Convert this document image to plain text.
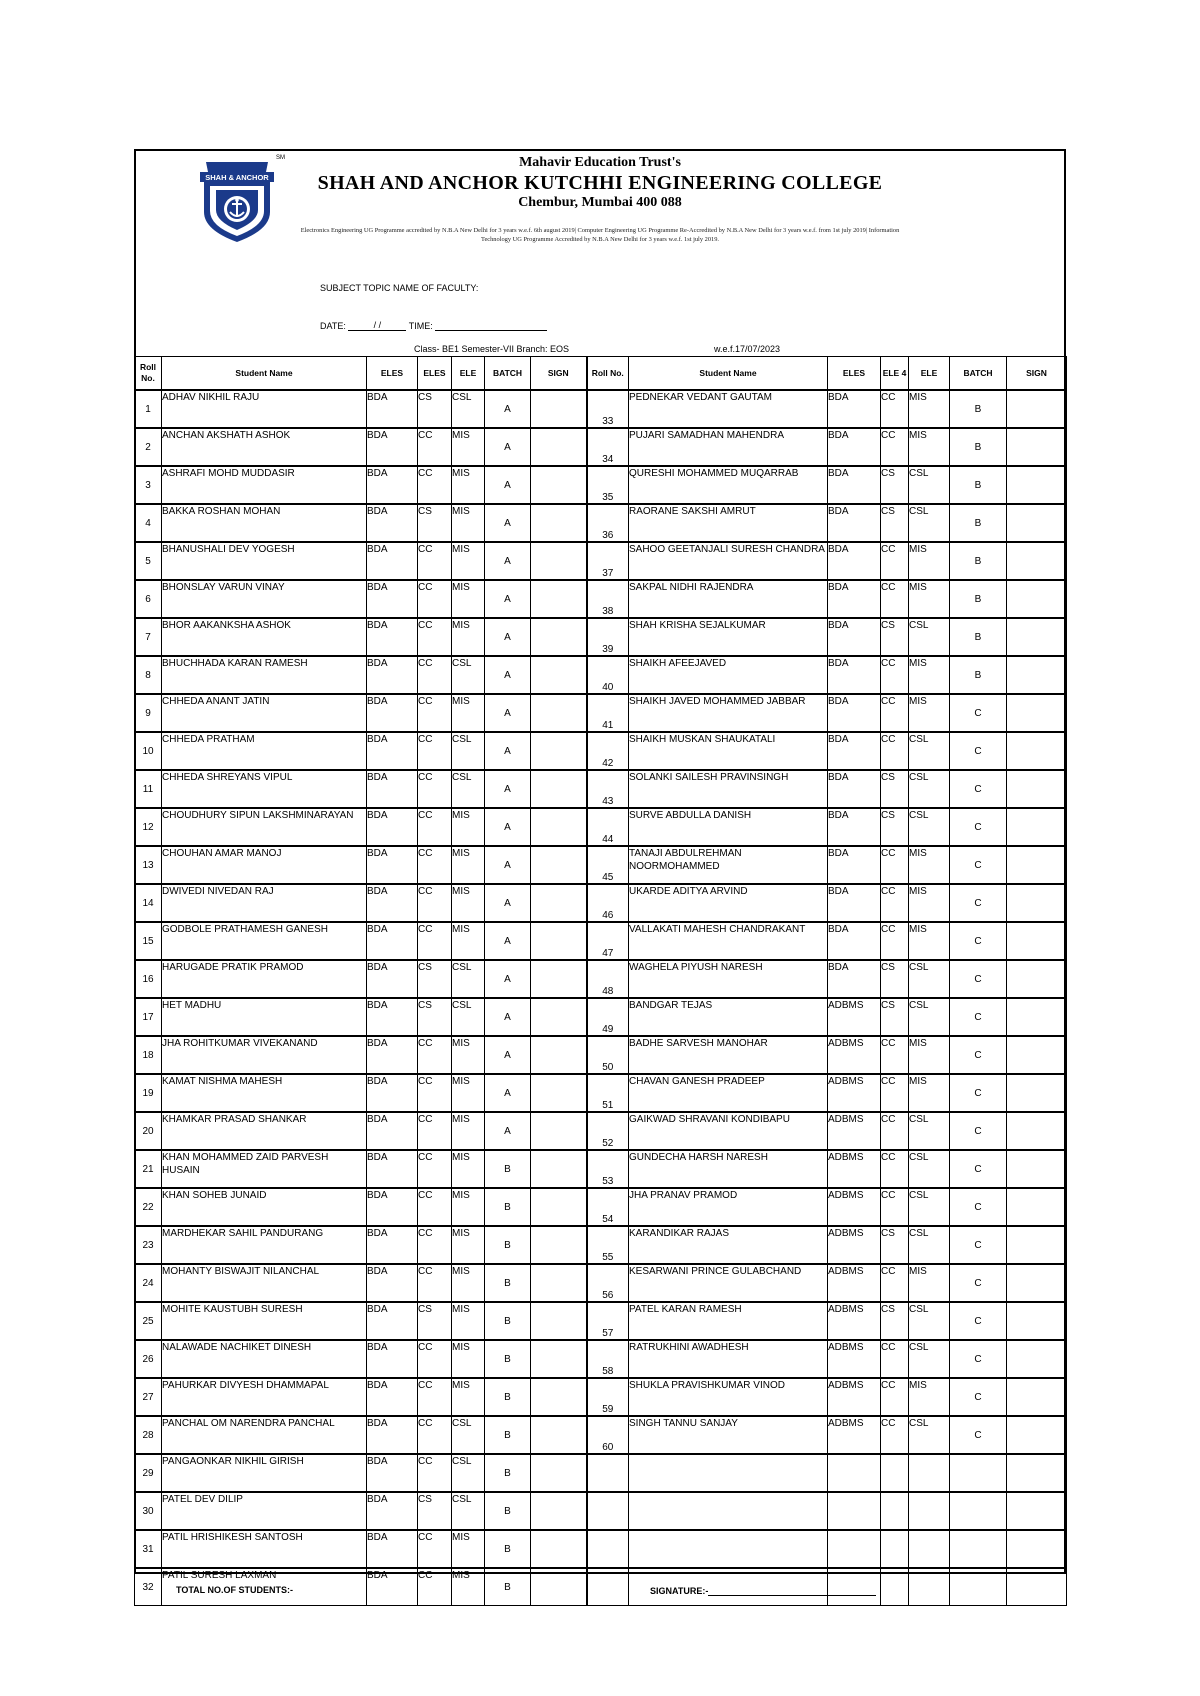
SHAH & ANCHOR
SM	Mahavir Education Trust's
SHAH AND ANCHOR KUTCHHI ENGINEERING COLLEGE
Chembur, Mumbai 400 088
Electronics Engineering UG Programme accredited by N.B.A New Delhi for 3 years w.e.f. 6th august 2019| Computer Engineering UG Programme Re-Accredited by N.B.A New Delhi for 3 years w.e.f. from 1st july 2019| Information Technology UG Programme Accredited by N.B.A New Delhi for 3 years w.e.f. 1st july 2019.
SUBJECT TOPIC NAME OF FACULTY:
DATE:	/ /	TIME:
Class- BE1 Semester-VII Branch: EOS	w.e.f.17/07/2023
Roll No.	Student Name	ELES	ELES	ELE	BATCH	SIGN	Roll No.	Student Name	ELES	ELE 4	ELE	BATCH	SIGN
1	ADHAV NIKHIL RAJU	BDA	CS	CSL	A		33	PEDNEKAR VEDANT GAUTAM	BDA	CC	MIS	B	
2	ANCHAN AKSHATH ASHOK	BDA	CC	MIS	A		34	PUJARI SAMADHAN MAHENDRA	BDA	CC	MIS	B	
3	ASHRAFI MOHD MUDDASIR	BDA	CC	MIS	A		35	QURESHI MOHAMMED MUQARRAB	BDA	CS	CSL	B	
4	BAKKA ROSHAN MOHAN	BDA	CS	MIS	A		36	RAORANE SAKSHI AMRUT	BDA	CS	CSL	B	
5	BHANUSHALI DEV YOGESH	BDA	CC	MIS	A		37	SAHOO GEETANJALI SURESH CHANDRA	BDA	CC	MIS	B	
6	BHONSLAY VARUN VINAY	BDA	CC	MIS	A		38	SAKPAL NIDHI RAJENDRA	BDA	CC	MIS	B	
7	BHOR AAKANKSHA ASHOK	BDA	CC	MIS	A		39	SHAH KRISHA SEJALKUMAR	BDA	CS	CSL	B	
8	BHUCHHADA KARAN RAMESH	BDA	CC	CSL	A		40	SHAIKH AFEEJAVED	BDA	CC	MIS	B	
9	CHHEDA ANANT JATIN	BDA	CC	MIS	A		41	SHAIKH JAVED MOHAMMED JABBAR	BDA	CC	MIS	C	
10	CHHEDA PRATHAM	BDA	CC	CSL	A		42	SHAIKH MUSKAN SHAUKATALI	BDA	CC	CSL	C	
11	CHHEDA SHREYANS VIPUL	BDA	CC	CSL	A		43	SOLANKI SAILESH PRAVINSINGH	BDA	CS	CSL	C	
12	CHOUDHURY SIPUN LAKSHMINARAYAN	BDA	CC	MIS	A		44	SURVE ABDULLA DANISH	BDA	CS	CSL	C	
13	CHOUHAN AMAR MANOJ	BDA	CC	MIS	A		45	TANAJI ABDULREHMAN NOORMOHAMMED	BDA	CC	MIS	C	
14	DWIVEDI NIVEDAN RAJ	BDA	CC	MIS	A		46	UKARDE ADITYA ARVIND	BDA	CC	MIS	C	
15	GODBOLE PRATHAMESH GANESH	BDA	CC	MIS	A		47	VALLAKATI MAHESH CHANDRAKANT	BDA	CC	MIS	C	
16	HARUGADE PRATIK PRAMOD	BDA	CS	CSL	A		48	WAGHELA PIYUSH NARESH	BDA	CS	CSL	C	
17	HET MADHU	BDA	CS	CSL	A		49	BANDGAR TEJAS	ADBMS	CS	CSL	C	
18	JHA ROHITKUMAR VIVEKANAND	BDA	CC	MIS	A		50	BADHE SARVESH MANOHAR	ADBMS	CC	MIS	C	
19	KAMAT NISHMA MAHESH	BDA	CC	MIS	A		51	CHAVAN GANESH PRADEEP	ADBMS	CC	MIS	C	
20	KHAMKAR PRASAD SHANKAR	BDA	CC	MIS	A		52	GAIKWAD SHRAVANI KONDIBAPU	ADBMS	CC	CSL	C	
21	KHAN MOHAMMED ZAID PARVESH HUSAIN	BDA	CC	MIS	B		53	GUNDECHA HARSH NARESH	ADBMS	CC	CSL	C	
22	KHAN SOHEB JUNAID	BDA	CC	MIS	B		54	JHA PRANAV PRAMOD	ADBMS	CC	CSL	C	
23	MARDHEKAR SAHIL PANDURANG	BDA	CC	MIS	B		55	KARANDIKAR RAJAS	ADBMS	CS	CSL	C	
24	MOHANTY BISWAJIT NILANCHAL	BDA	CC	MIS	B		56	KESARWANI PRINCE GULABCHAND	ADBMS	CC	MIS	C	
25	MOHITE KAUSTUBH SURESH	BDA	CS	MIS	B		57	PATEL KARAN RAMESH	ADBMS	CS	CSL	C	
26	NALAWADE NACHIKET DINESH	BDA	CC	MIS	B		58	RATRUKHINI AWADHESH	ADBMS	CC	CSL	C	
27	PAHURKAR DIVYESH DHAMMAPAL	BDA	CC	MIS	B		59	SHUKLA PRAVISHKUMAR VINOD	ADBMS	CC	MIS	C	
28	PANCHAL OM NARENDRA PANCHAL	BDA	CC	CSL	B		60	SINGH TANNU SANJAY	ADBMS	CC	CSL	C	
29	PANGAONKAR NIKHIL GIRISH	BDA	CC	CSL	B								
30	PATEL DEV DILIP	BDA	CS	CSL	B								
31	PATIL HRISHIKESH SANTOSH	BDA	CC	MIS	B								
32	PATIL SURESH LAXMAN	BDA	CC	MIS	B								
TOTAL NO.OF STUDENTS:-	SIGNATURE:-
